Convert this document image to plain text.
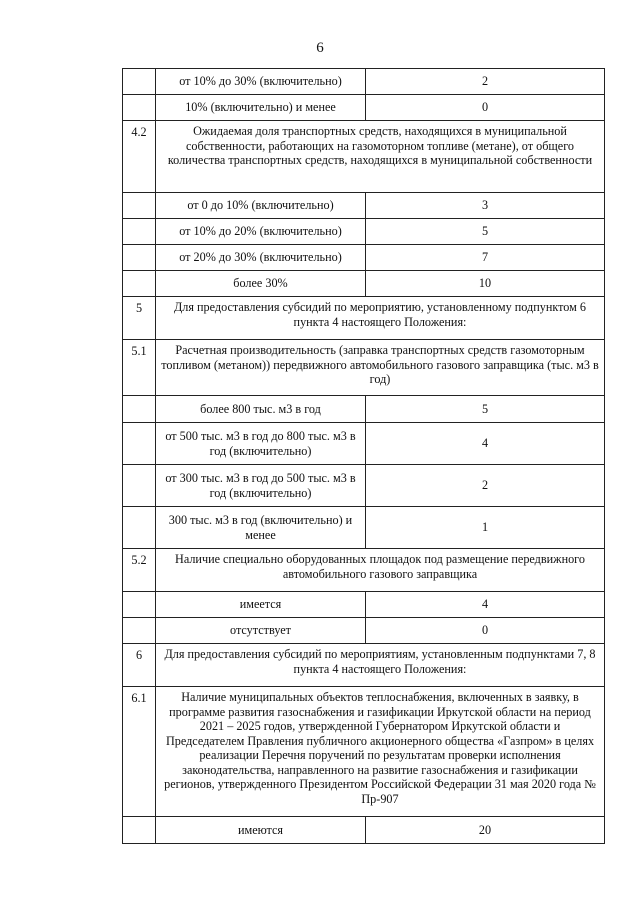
6
	от 10% до 30% (включительно)	2
	10% (включительно) и менее	0
4.2	Ожидаемая доля транспортных средств, находящихся в муниципальной собственности, работающих на газомоторном топливе (метане), от общего количества транспортных средств, находящихся в муниципальной собственности	
	от 0 до 10% (включительно)	3
	от 10% до 20% (включительно)	5
	от 20% до 30% (включительно)	7
	более 30%	10
5	Для предоставления субсидий по мероприятию, установленному подпунктом 6 пункта 4 настоящего Положения:	
5.1	Расчетная производительность (заправка транспортных средств газомоторным топливом (метаном)) передвижного автомобильного газового заправщика (тыс. м3 в год)	
	более 800 тыс. м3 в год	5
	от 500 тыс. м3 в год до 800 тыс. м3 в год (включительно)	4
	от 300 тыс. м3 в год до 500 тыс. м3 в год (включительно)	2
	300 тыс. м3 в год (включительно) и менее	1
5.2	Наличие специально оборудованных площадок под размещение передвижного автомобильного газового заправщика	
	имеется	4
	отсутствует	0
6	Для предоставления субсидий по мероприятиям, установленным подпунктами 7, 8 пункта 4 настоящего Положения:	
6.1	Наличие муниципальных объектов теплоснабжения, включенных в заявку, в программе развития газоснабжения и газификации Иркутской области на период 2021 – 2025 годов, утвержденной Губернатором Иркутской области и Председателем Правления публичного акционерного общества «Газпром» в целях реализации Перечня поручений по результатам проверки исполнения законодательства, направленного на развитие газоснабжения и газификации регионов, утвержденного Президентом Российской Федерации 31 мая 2020 года № Пр-907	
	имеются	20
